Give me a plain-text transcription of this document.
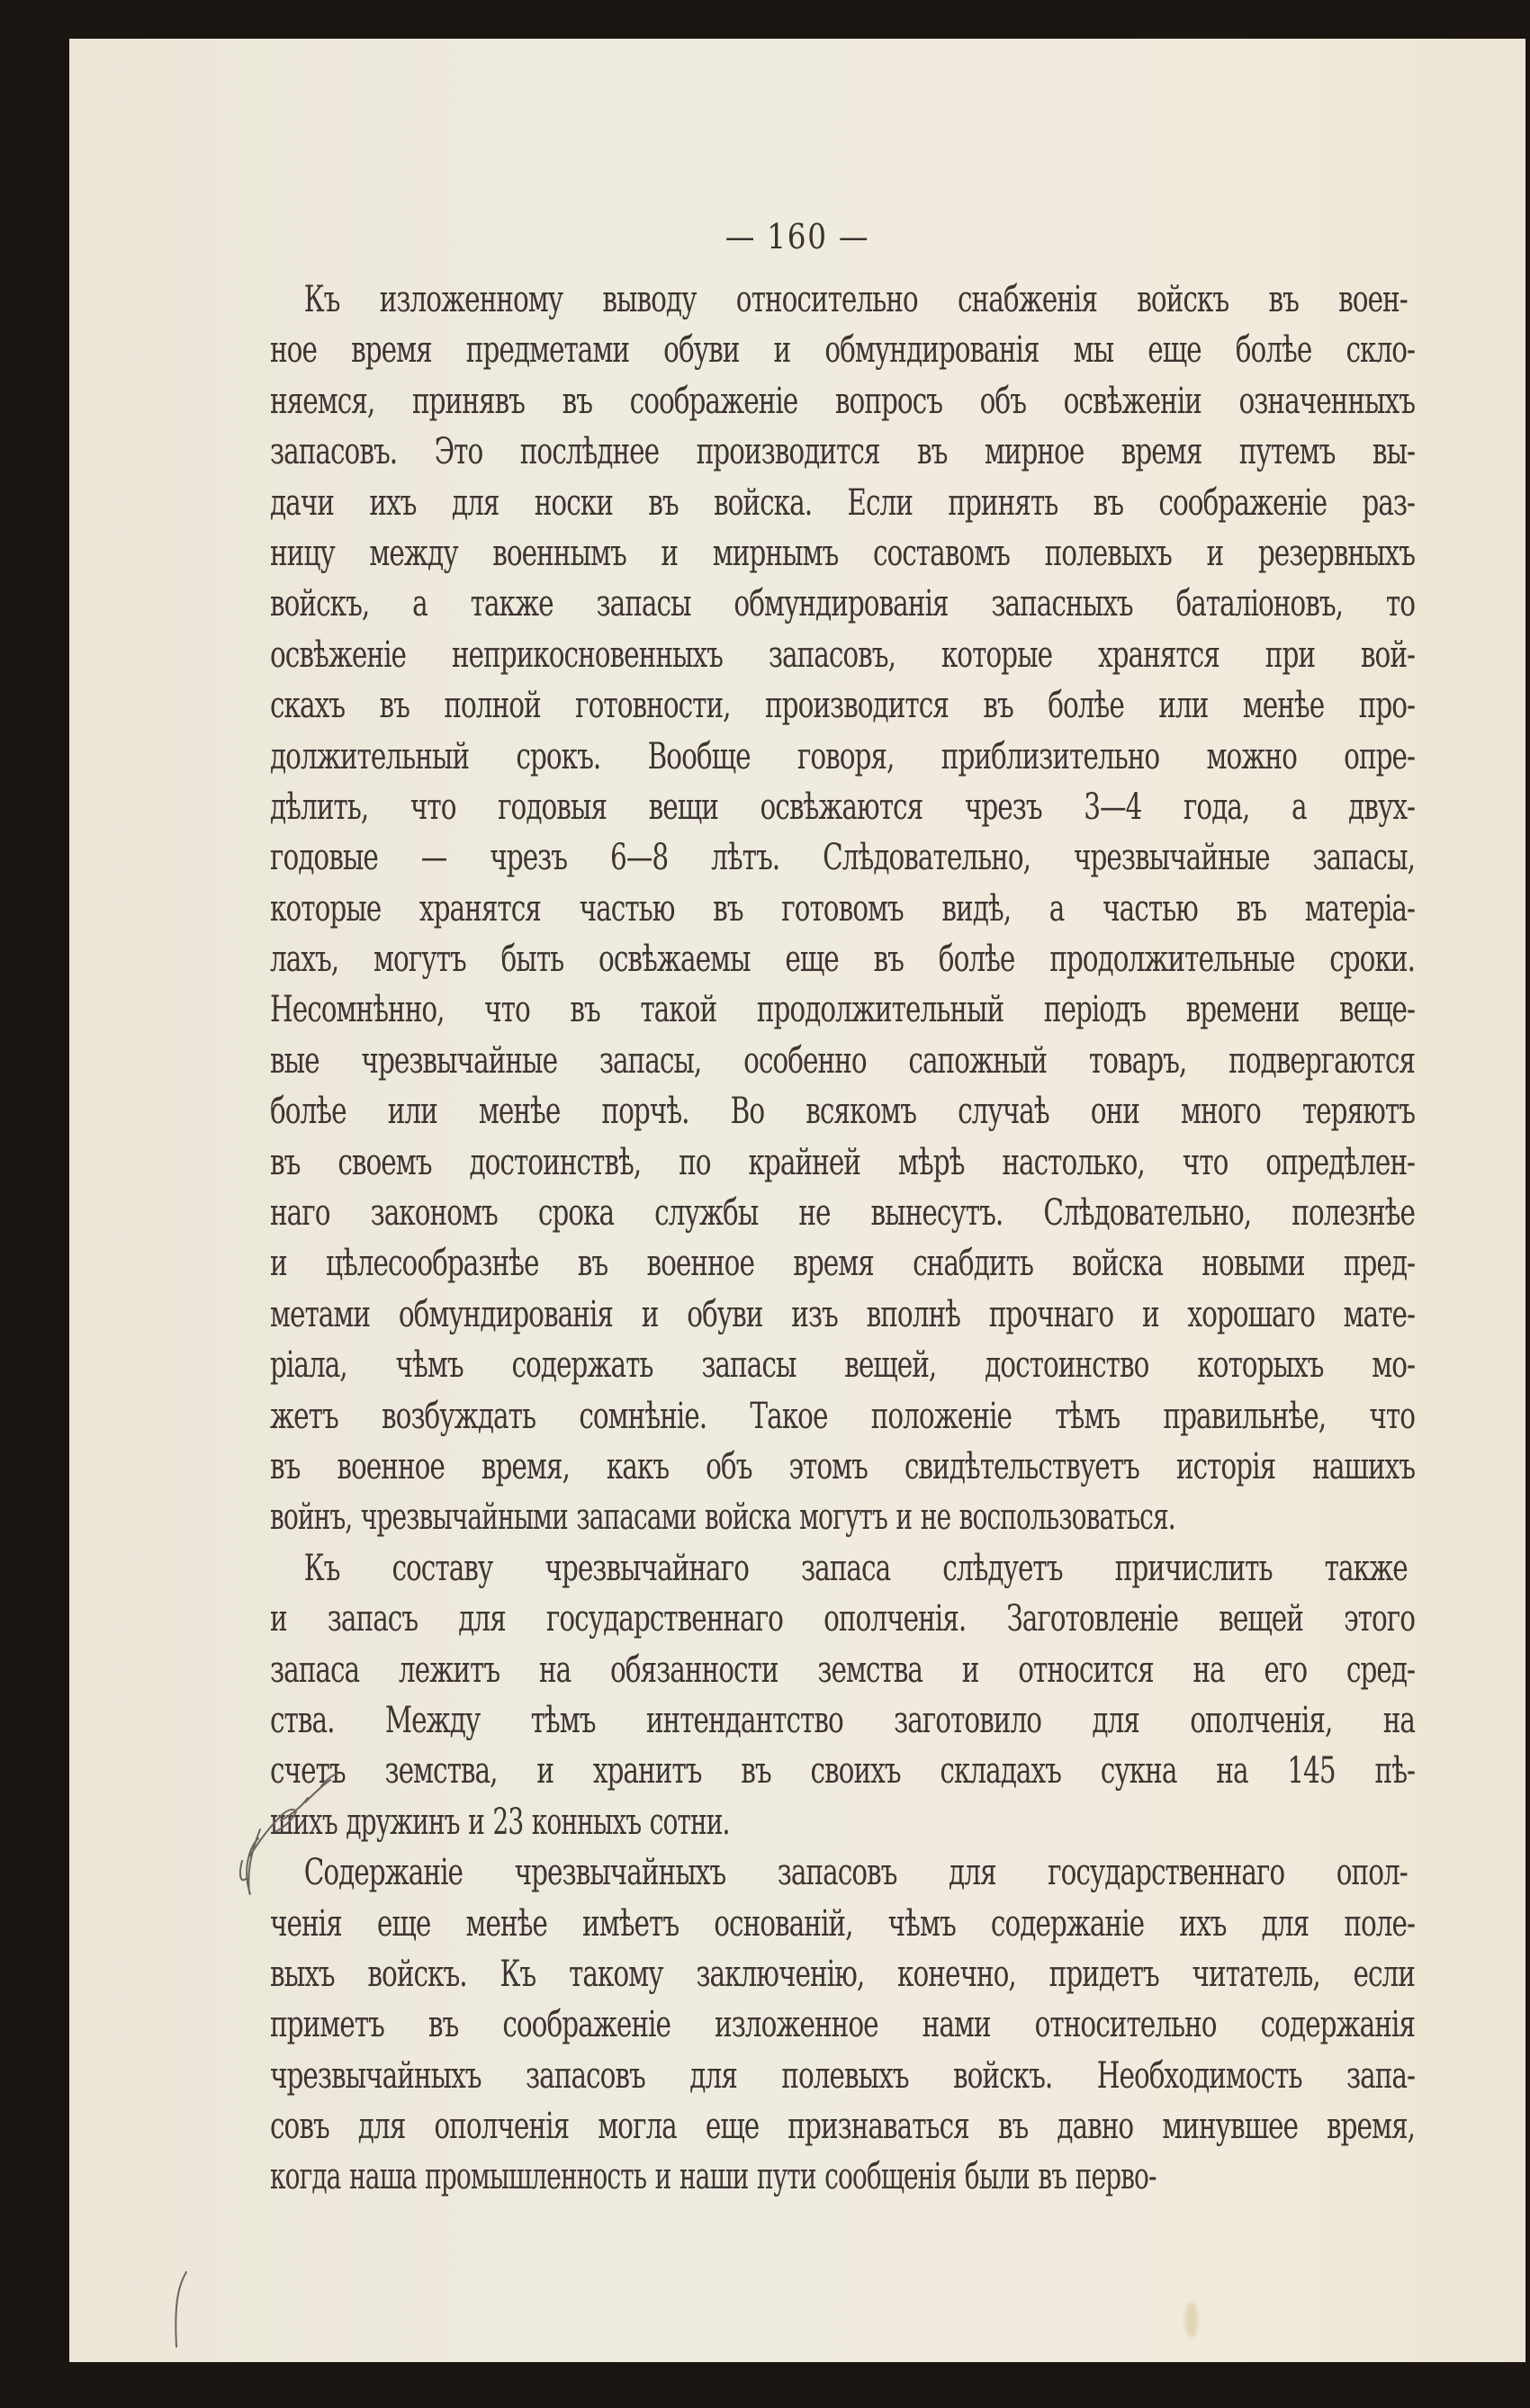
— 160 —
Къ изложенному выводу относительно снабженія войскъ въ воен-
ное время предметами обуви и обмундированія мы еще болѣе скло-
няемся, принявъ въ соображеніе вопросъ объ освѣженіи означенныхъ
запасовъ. Это послѣднее производится въ мирное время путемъ вы-
дачи ихъ для носки въ войска. Если принять въ соображеніе раз-
ницу между военнымъ и мирнымъ составомъ полевыхъ и резервныхъ
войскъ, а также запасы обмундированія запасныхъ баталіоновъ, то
освѣженіе неприкосновенныхъ запасовъ, которые хранятся при вой-
скахъ въ полной готовности, производится въ болѣе или менѣе про-
должительный срокъ. Вообще говоря, приблизительно можно опре-
дѣлить, что годовыя вещи освѣжаются чрезъ 3—4 года, а двух-
годовые — чрезъ 6—8 лѣтъ. Слѣдовательно, чрезвычайные запасы,
которые хранятся частью въ готовомъ видѣ, а частью въ матеріа-
лахъ, могутъ быть освѣжаемы еще въ болѣе продолжительные сроки.
Несомнѣнно, что въ такой продолжительный періодъ времени веще-
вые чрезвычайные запасы, особенно сапожный товаръ, подвергаются
болѣе или менѣе порчѣ. Во всякомъ случаѣ они много теряютъ
въ своемъ достоинствѣ, по крайней мѣрѣ настолько, что опредѣлен-
наго закономъ срока службы не вынесутъ. Слѣдовательно, полезнѣе
и цѣлесообразнѣе въ военное время снабдить войска новыми пред-
метами обмундированія и обуви изъ вполнѣ прочнаго и хорошаго мате-
ріала, чѣмъ содержать запасы вещей, достоинство которыхъ мо-
жетъ возбуждать сомнѣніе. Такое положеніе тѣмъ правильнѣе, что
въ военное время, какъ объ этомъ свидѣтельствуетъ исторія нашихъ
войнъ, чрезвычайными запасами войска могутъ и не воспользоваться.
Къ составу чрезвычайнаго запаса слѣдуетъ причислить также
и запасъ для государственнаго ополченія. Заготовленіе вещей этого
запаса лежитъ на обязанности земства и относится на его сред-
ства. Между тѣмъ интендантство заготовило для ополченія, на
счетъ земства, и хранитъ въ своихъ складахъ сукна на 145 пѣ-
шихъ дружинъ и 23 конныхъ сотни.
Содержаніе чрезвычайныхъ запасовъ для государственнаго опол-
ченія еще менѣе имѣетъ основаній, чѣмъ содержаніе ихъ для поле-
выхъ войскъ. Къ такому заключенію, конечно, придетъ читатель, если
приметъ въ соображеніе изложенное нами относительно содержанія
чрезвычайныхъ запасовъ для полевыхъ войскъ. Необходимость запа-
совъ для ополченія могла еще признаваться въ давно минувшее время,
когда наша промышленность и наши пути сообщенія были въ перво-
